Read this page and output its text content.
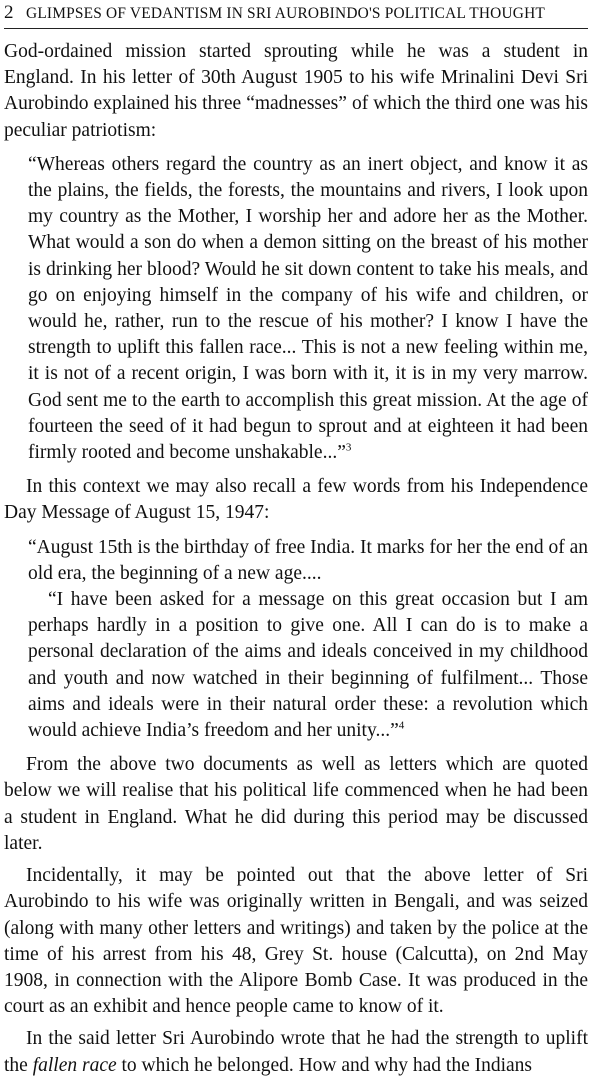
2 GLIMPSES OF VEDANTISM IN SRI AUROBINDO'S POLITICAL THOUGHT

God-ordained mission started sprouting while he was a student in England. In his letter of 30th August 1905 to his wife Mrinalini Devi Sri Aurobindo explained his three “madnesses” of which the third one was his peculiar patriotism:

“Whereas others regard the country as an inert object, and know it as the plains, the fields, the forests, the mountains and rivers, I look upon my country as the Mother, I worship her and adore her as the Mother. What would a son do when a demon sitting on the breast of his mother is drinking her blood? Would he sit down content to take his meals, and go on enjoying himself in the company of his wife and children, or would he, rather, run to the rescue of his mother? I know I have the strength to uplift this fallen race... This is not a new feeling within me, it is not of a recent origin, I was born with it, it is in my very marrow. God sent me to the earth to accomplish this great mission. At the age of fourteen the seed of it had begun to sprout and at eighteen it had been firmly rooted and become unshakable...”$^3$

In this context we may also recall a few words from his Independence Day Message of August 15, 1947:

“August 15th is the birthday of free India. It marks for her the end of an old era, the beginning of a new age....

“I have been asked for a message on this great occasion but I am perhaps hardly in a position to give one. All I can do is to make a personal declaration of the aims and ideals conceived in my childhood and youth and now watched in their beginning of fulfilment... Those aims and ideals were in their natural order these: a revolution which would achieve India’s freedom and her unity...”$^4$

From the above two documents as well as letters which are quoted below we will realise that his political life commenced when he had been a student in England. What he did during this period may be discussed later.

Incidentally, it may be pointed out that the above letter of Sri Aurobindo to his wife was originally written in Bengali, and was seized (along with many other letters and writings) and taken by the police at the time of his arrest from his 48, Grey St. house (Calcutta), on 2nd May 1908, in connection with the Alipore Bomb Case. It was produced in the court as an exhibit and hence people came to know of it.

In the said letter Sri Aurobindo wrote that he had the strength to uplift the fallen race to which he belonged. How and why had the Indians
